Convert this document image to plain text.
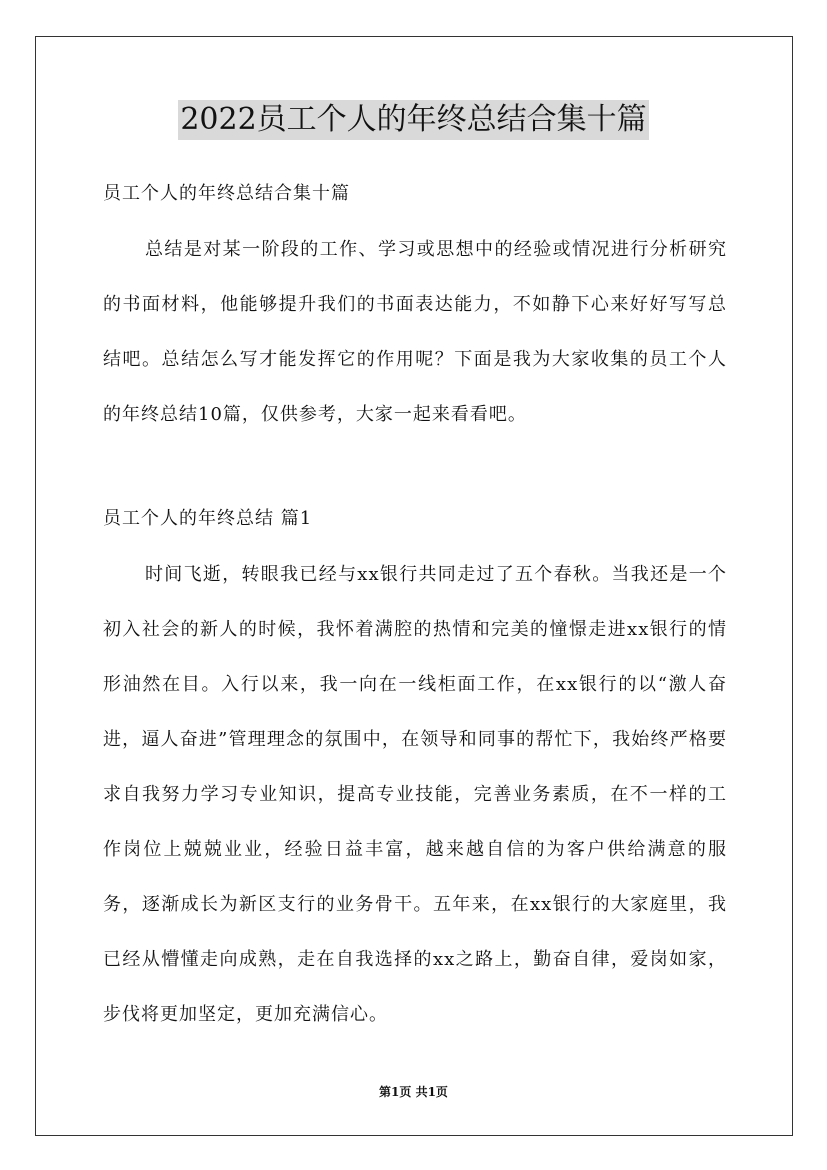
2022员工个人的年终总结合集十篇
员工个人的年终总结合集十篇
总结是对某一阶段的工作、学习或思想中的经验或情况进行分析研究的书面材料，他能够提升我们的书面表达能力，不如静下心来好好写写总结吧。总结怎么写才能发挥它的作用呢？下面是我为大家收集的员工个人的年终总结10篇，仅供参考，大家一起来看看吧。
员工个人的年终总结 篇1
时间飞逝，转眼我已经与xx银行共同走过了五个春秋。当我还是一个初入社会的新人的时候，我怀着满腔的热情和完美的憧憬走进xx银行的情形油然在目。入行以来，我一向在一线柜面工作，在xx银行的以“激人奋进，逼人奋进”管理理念的氛围中，在领导和同事的帮忙下，我始终严格要求自我努力学习专业知识，提高专业技能，完善业务素质，在不一样的工作岗位上兢兢业业，经验日益丰富，越来越自信的为客户供给满意的服务，逐渐成长为新区支行的业务骨干。五年来，在xx银行的大家庭里，我已经从懵懂走向成熟，走在自我选择的xx之路上，勤奋自律，爱岗如家，步伐将更加坚定，更加充满信心。
第1页 共1页
